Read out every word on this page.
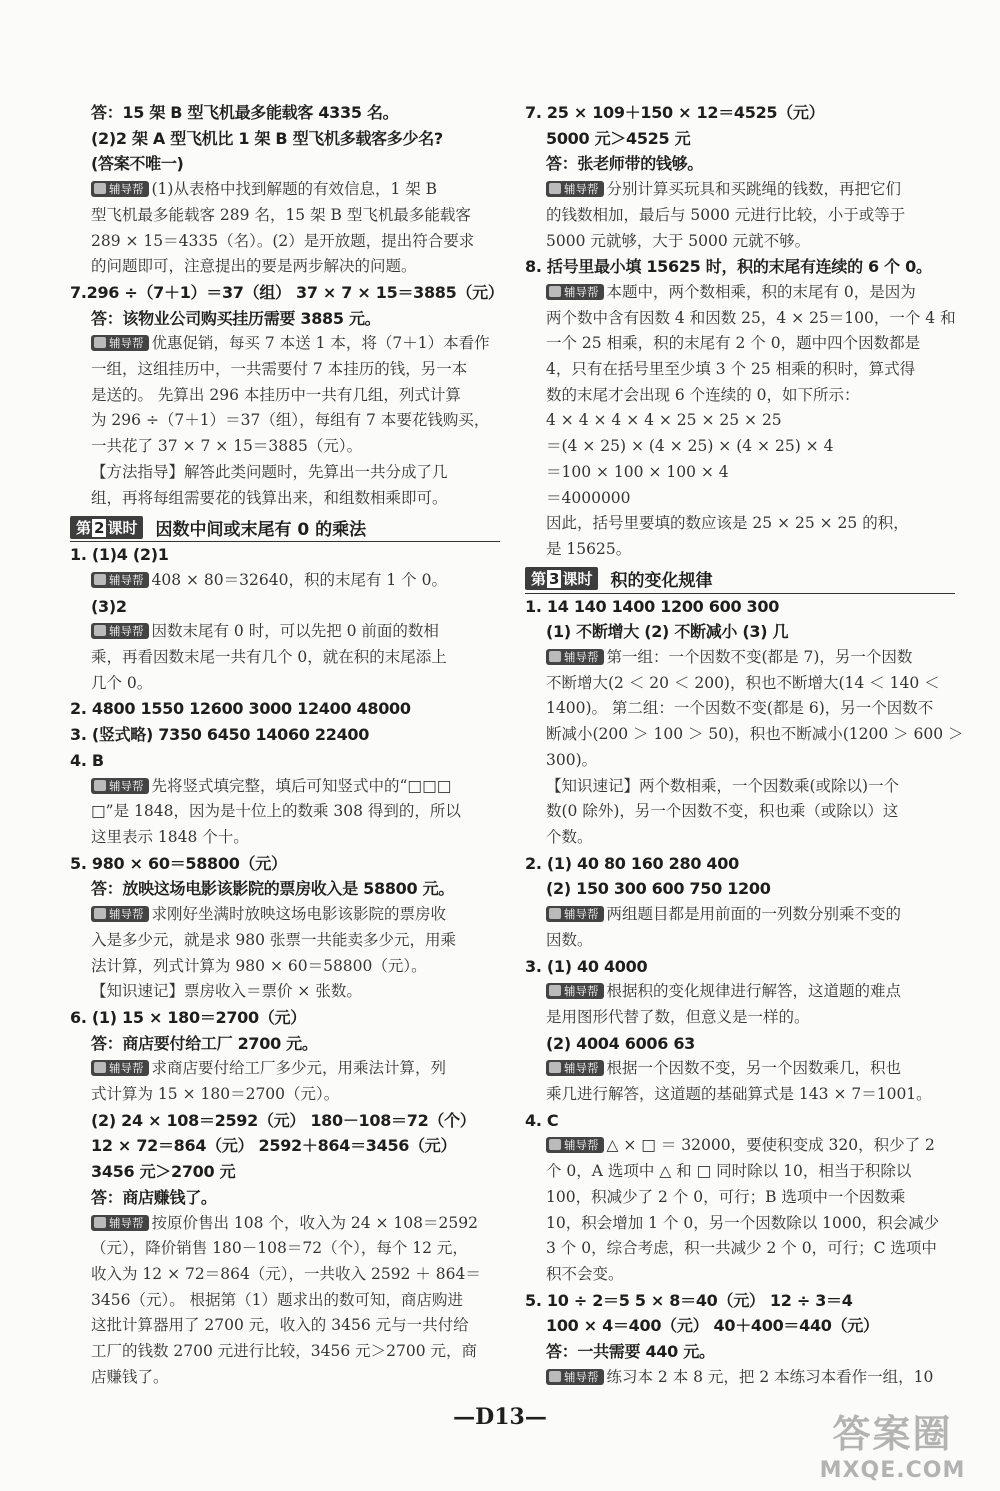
答：15 架 B 型飞机最多能载客 4335 名。
(2)2 架 A 型飞机比 1 架 B 型飞机多载客多少名?
(答案不唯一)
辅导帮 (1)从表格中找到解题的有效信息，1 架 B
型飞机最多能载客 289 名，15 架 B 型飞机最多能载客
289 × 15＝4335（名）。(2）是开放题，提出符合要求
的问题即可，注意提出的要是两步解决的问题。
7.296 ÷（7＋1）＝37（组） 37 × 7 × 15＝3885（元）
答：该物业公司购买挂历需要 3885 元。
辅导帮 优惠促销，每买 7 本送 1 本，将（7＋1）本看作
一组，这组挂历中，一共需要付 7 本挂历的钱，另一本
是送的。 先算出 296 本挂历中一共有几组，列式计算
为 296 ÷（7＋1）＝37（组），每组有 7 本要花钱购买，
一共花了 37 × 7 × 15＝3885（元）。
【方法指导】解答此类问题时，先算出一共分成了几
组，再将每组需要花的钱算出来，和组数相乘即可。
第 2 课时	因数中间或末尾有 0 的乘法
1. (1)4 (2)1
辅导帮 408 × 80＝32640，积的末尾有 1 个 0。
(3)2
辅导帮 因数末尾有 0 时，可以先把 0 前面的数相
乘，再看因数末尾一共有几个 0，就在积的末尾添上
几个 0。
2. 4800 1550 12600 3000 12400 48000
3. (竖式略) 7350 6450 14060 22400
4. B
辅导帮 先将竖式填完整，填后可知竖式中的“□□□
□”是 1848，因为是十位上的数乘 308 得到的，所以
这里表示 1848 个十。
5. 980 × 60＝58800（元）
答：放映这场电影该影院的票房收入是 58800 元。
辅导帮 求刚好坐满时放映这场电影该影院的票房收
入是多少元，就是求 980 张票一共能卖多少元，用乘
法计算，列式计算为 980 × 60＝58800（元）。
【知识速记】票房收入＝票价 × 张数。
6. (1) 15 × 180＝2700（元）
答：商店要付给工厂 2700 元。
辅导帮 求商店要付给工厂多少元，用乘法计算，列
式计算为 15 × 180＝2700（元）。
(2) 24 × 108＝2592（元） 180－108＝72（个）
12 × 72＝864（元） 2592＋864＝3456（元）
3456 元＞2700 元
答：商店赚钱了。
辅导帮 按原价售出 108 个，收入为 24 × 108＝2592
（元），降价销售 180－108＝72（个），每个 12 元，
收入为 12 × 72＝864（元），一共收入 2592 ＋ 864＝
3456（元）。 根据第（1）题求出的数可知，商店购进
这批计算器用了 2700 元，收入的 3456 元与一共付给
工厂的钱数 2700 元进行比较，3456 元＞2700 元，商
店赚钱了。
7. 25 × 109＋150 × 12＝4525（元）
5000 元＞4525 元
答：张老师带的钱够。
辅导帮 分别计算买玩具和买跳绳的钱数，再把它们
的钱数相加，最后与 5000 元进行比较，小于或等于
5000 元就够，大于 5000 元就不够。
8. 括号里最小填 15625 时，积的末尾有连续的 6 个 0。
辅导帮 本题中，两个数相乘，积的末尾有 0，是因为
两个数中含有因数 4 和因数 25，4 × 25＝100，一个 4 和
一个 25 相乘，积的末尾有 2 个 0，题中四个因数都是
4，只有在括号里至少填 3 个 25 相乘的积时，算式得
数的末尾才会出现 6 个连续的 0，如下所示：
4 × 4 × 4 × 4 × 25 × 25 × 25
＝(4 × 25) × (4 × 25) × (4 × 25) × 4
＝100 × 100 × 100 × 4
＝4000000
因此，括号里要填的数应该是 25 × 25 × 25 的积，
是 15625。
第 3 课时	积的变化规律
1. 14 140 1400 1200 600 300
(1) 不断增大 (2) 不断减小 (3) 几
辅导帮 第一组：一个因数不变(都是 7)，另一个因数
不断增大(2 ＜ 20 ＜ 200)，积也不断增大(14 ＜ 140 ＜
1400)。 第二组：一个因数不变(都是 6)，另一个因数不
断减小(200 ＞ 100 ＞ 50)，积也不断减小(1200 ＞ 600 ＞
300)。
【知识速记】两个数相乘，一个因数乘(或除以)一个
数(0 除外)，另一个因数不变，积也乘（或除以）这
个数。
2. (1) 40 80 160 280 400
(2) 150 300 600 750 1200
辅导帮 两组题目都是用前面的一列数分别乘不变的
因数。
3. (1) 40 4000
辅导帮 根据积的变化规律进行解答，这道题的难点
是用图形代替了数，但意义是一样的。
(2) 4004 6006 63
辅导帮 根据一个因数不变，另一个因数乘几，积也
乘几进行解答，这道题的基础算式是 143 × 7＝1001。
4. C
辅导帮 △ × □ ＝ 32000，要使积变成 320，积少了 2
个 0，A 选项中 △ 和 □ 同时除以 10，相当于积除以
100，积减少了 2 个 0，可行；B 选项中一个因数乘
10，积会增加 1 个 0，另一个因数除以 1000，积会减少
3 个 0，综合考虑，积一共减少 2 个 0，可行；C 选项中
积不会变。
5. 10 ÷ 2＝5 5 × 8＝40（元） 12 ÷ 3＝4
100 × 4＝400（元） 40＋400＝440（元）
答：一共需要 440 元。
辅导帮 练习本 2 本 8 元，把 2 本练习本看作一组，10
—D13—	答案圈
MXQE.COM
